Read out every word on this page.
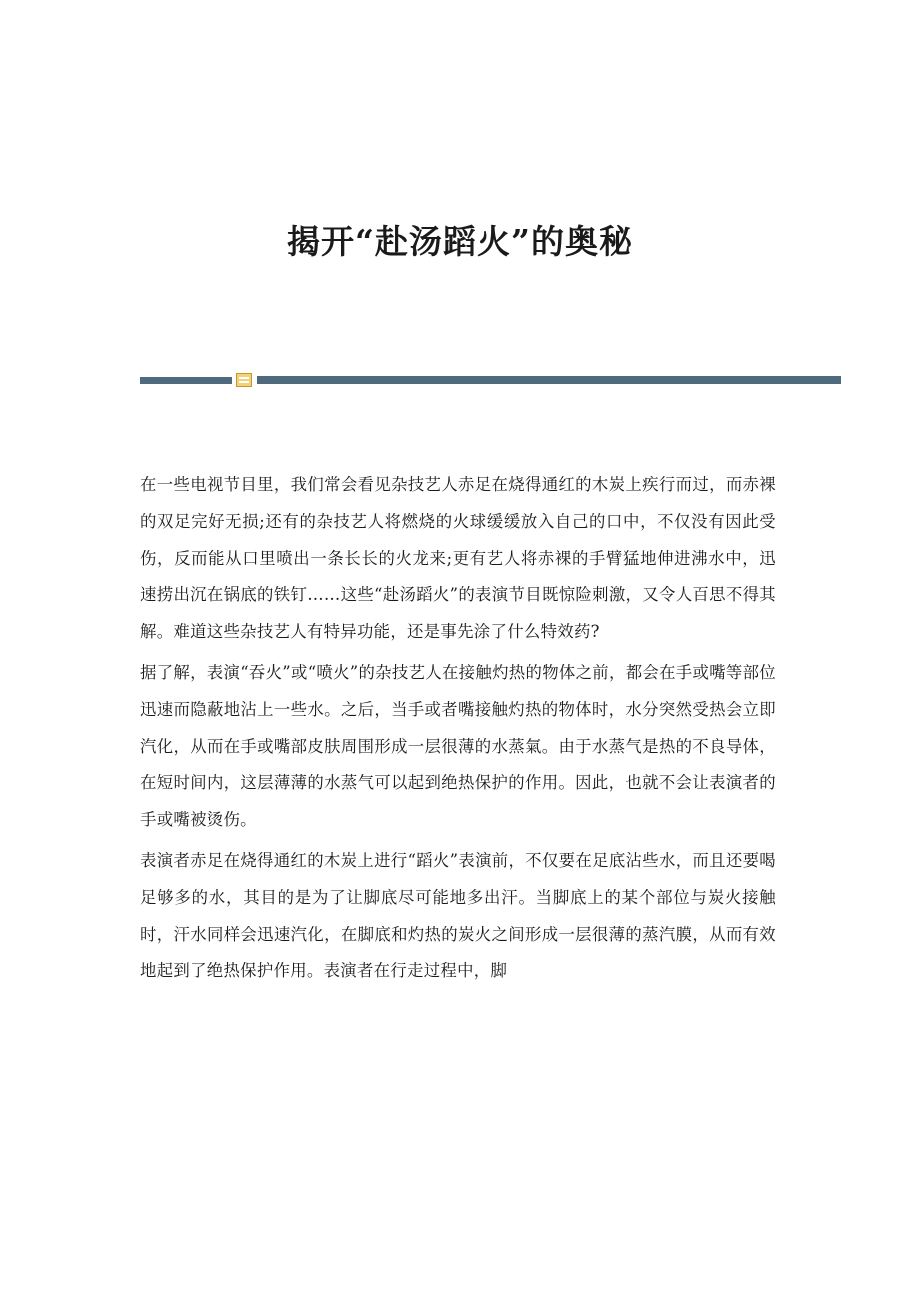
揭开“赴汤蹈火”的奥秘

在一些电视节目里，我们常会看见杂技艺人赤足在烧得通红的木炭上疾行而过，而赤裸的双足完好无损;还有的杂技艺人将燃烧的火球缓缓放入自己的口中，不仅没有因此受伤，反而能从口里喷出一条长长的火龙来;更有艺人将赤裸的手臂猛地伸进沸水中，迅速捞出沉在锅底的铁钉……这些“赴汤蹈火”的表演节目既惊险刺激，又令人百思不得其解。难道这些杂技艺人有特异功能，还是事先涂了什么特效药?

据了解，表演“吞火”或“喷火”的杂技艺人在接触灼热的物体之前，都会在手或嘴等部位迅速而隐蔽地沾上一些水。之后，当手或者嘴接触灼热的物体时，水分突然受热会立即汽化，从而在手或嘴部皮肤周围形成一层很薄的水蒸氣。由于水蒸气是热的不良导体，在短时间内，这层薄薄的水蒸气可以起到绝热保护的作用。因此，也就不会让表演者的手或嘴被烫伤。

表演者赤足在烧得通红的木炭上进行“蹈火”表演前，不仅要在足底沾些水，而且还要喝足够多的水，其目的是为了让脚底尽可能地多出汗。当脚底上的某个部位与炭火接触时，汗水同样会迅速汽化，在脚底和灼热的炭火之间形成一层很薄的蒸汽膜，从而有效地起到了绝热保护作用。表演者在行走过程中，脚
